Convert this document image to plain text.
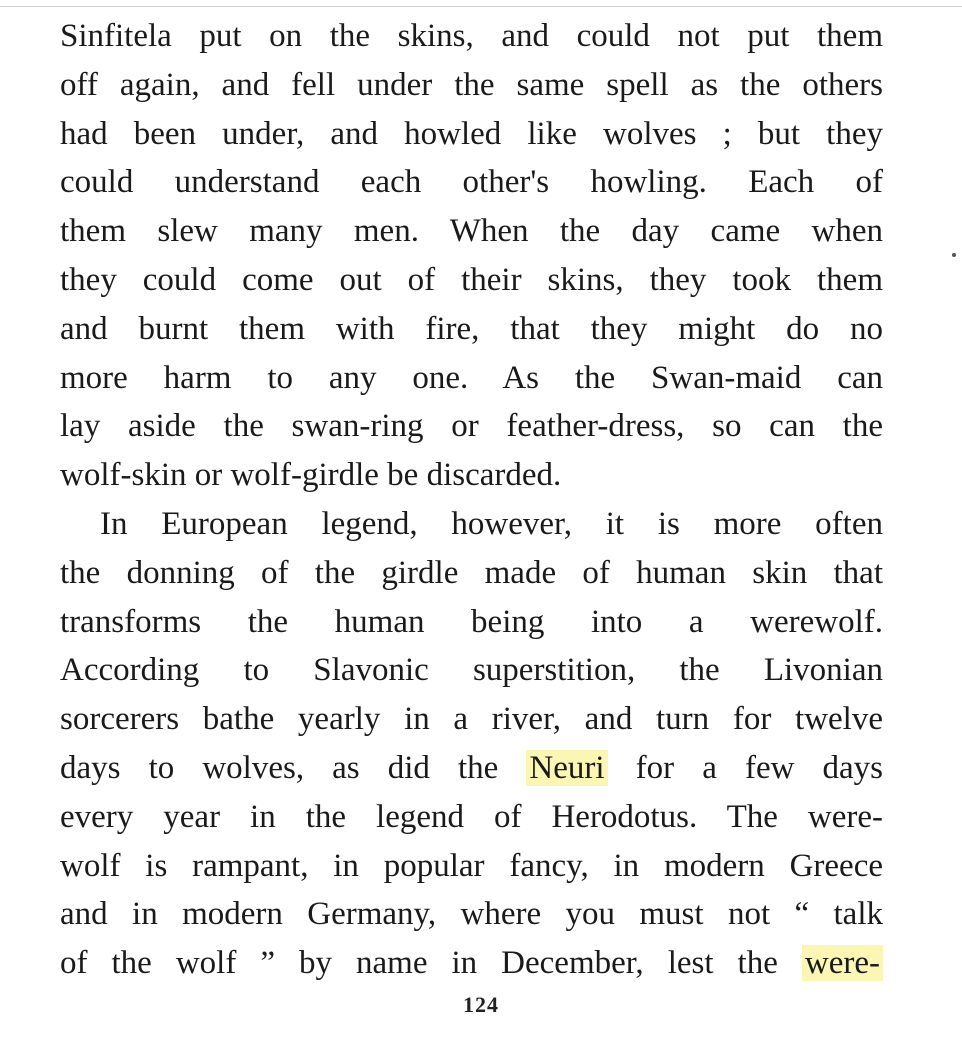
Sinfitela put on the skins, and could not put them
off again, and fell under the same spell as the others
had been under, and howled like wolves ; but they
could understand each other's howling. Each of
them slew many men. When the day came when
they could come out of their skins, they took them
and burnt them with fire, that they might do no
more harm to any one. As the Swan-maid can
lay aside the swan-ring or feather-dress, so can the
wolf-skin or wolf-girdle be discarded.
In European legend, however, it is more often
the donning of the girdle made of human skin that
transforms the human being into a werewolf.
According to Slavonic superstition, the Livonian
sorcerers bathe yearly in a river, and turn for twelve
days to wolves, as did the Neuri for a few days
every year in the legend of Herodotus. The were-
wolf is rampant, in popular fancy, in modern Greece
and in modern Germany, where you must not “ talk
of the wolf ” by name in December, lest the were-
124
